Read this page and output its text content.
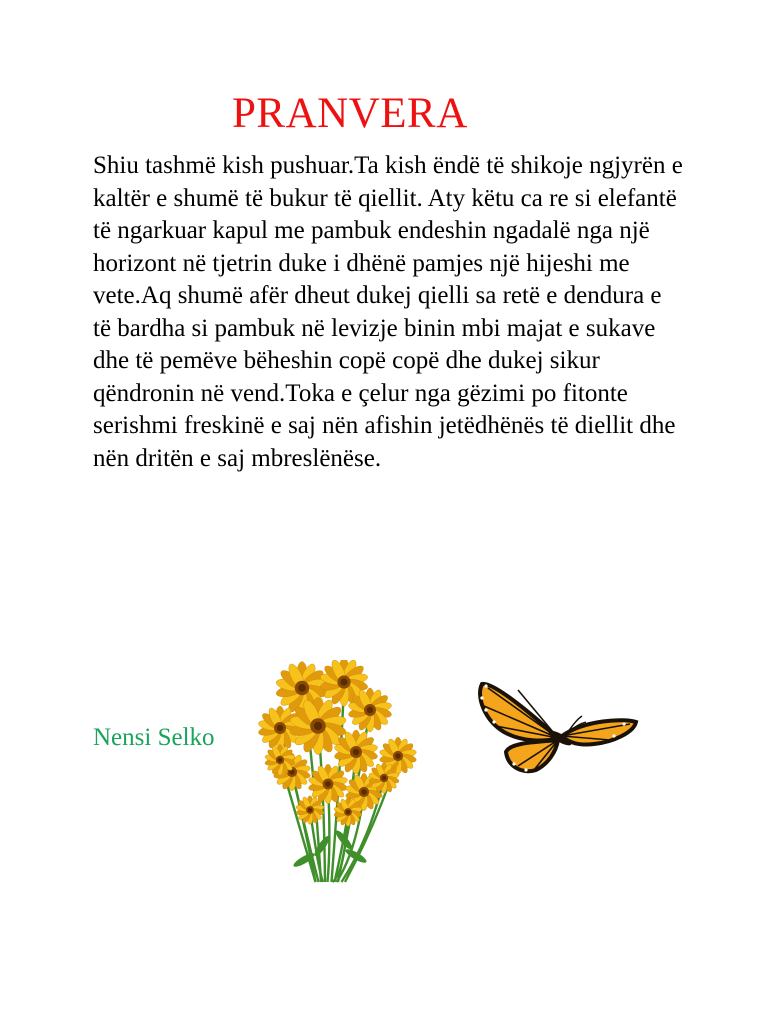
PRANVERA

Shiu tashmë kish pushuar.Ta kish ëndë të shikoje ngjyrën e kaltër e shumë të bukur të qiellit. Aty këtu ca re si elefantë të ngarkuar kapul me pambuk endeshin ngadalë nga një horizont në tjetrin duke i dhënë pamjes një hijeshi me vete.Aq shumë afër dheut dukej qielli sa retë e dendura e të bardha si pambuk në levizje binin mbi majat e sukave dhe të pemëve bëheshin copë copë dhe dukej sikur qëndronin në vend.Toka e çelur nga gëzimi po fitonte serishmi freskinë e saj nën afishin jetëdhënës të diellit dhe nën dritën e saj mbreslënëse.

Nensi Selko
